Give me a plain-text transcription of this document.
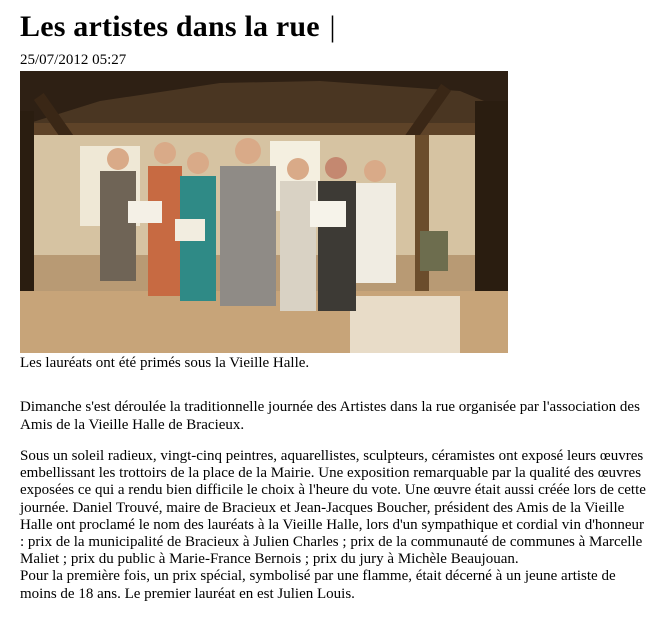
Les artistes dans la rue |
25/07/2012 05:27
Les lauréats ont été primés sous la Vieille Halle.
Dimanche s'est déroulée la traditionnelle journée des Artistes dans la rue organisée par l'association des Amis de la Vieille Halle de Bracieux.
Sous un soleil radieux, vingt-cinq peintres, aquarellistes, sculpteurs, céramistes ont exposé leurs œuvres embellissant les trottoirs de la place de la Mairie. Une exposition remarquable par la qualité des œuvres exposées ce qui a rendu bien difficile le choix à l'heure du vote. Une œuvre était aussi créée lors de cette journée. Daniel Trouvé, maire de Bracieux et Jean-Jacques Boucher, président des Amis de la Vieille Halle ont proclamé le nom des lauréats à la Vieille Halle, lors d'un sympathique et cordial vin d'honneur : prix de la municipalité de Bracieux à Julien Charles ; prix de la communauté de communes à Marcelle Maliet ; prix du public à Marie-France Bernois ; prix du jury à Michèle Beaujouan.
Pour la première fois, un prix spécial, symbolisé par une flamme, était décerné à un jeune artiste de moins de 18 ans. Le premier lauréat en est Julien Louis.
